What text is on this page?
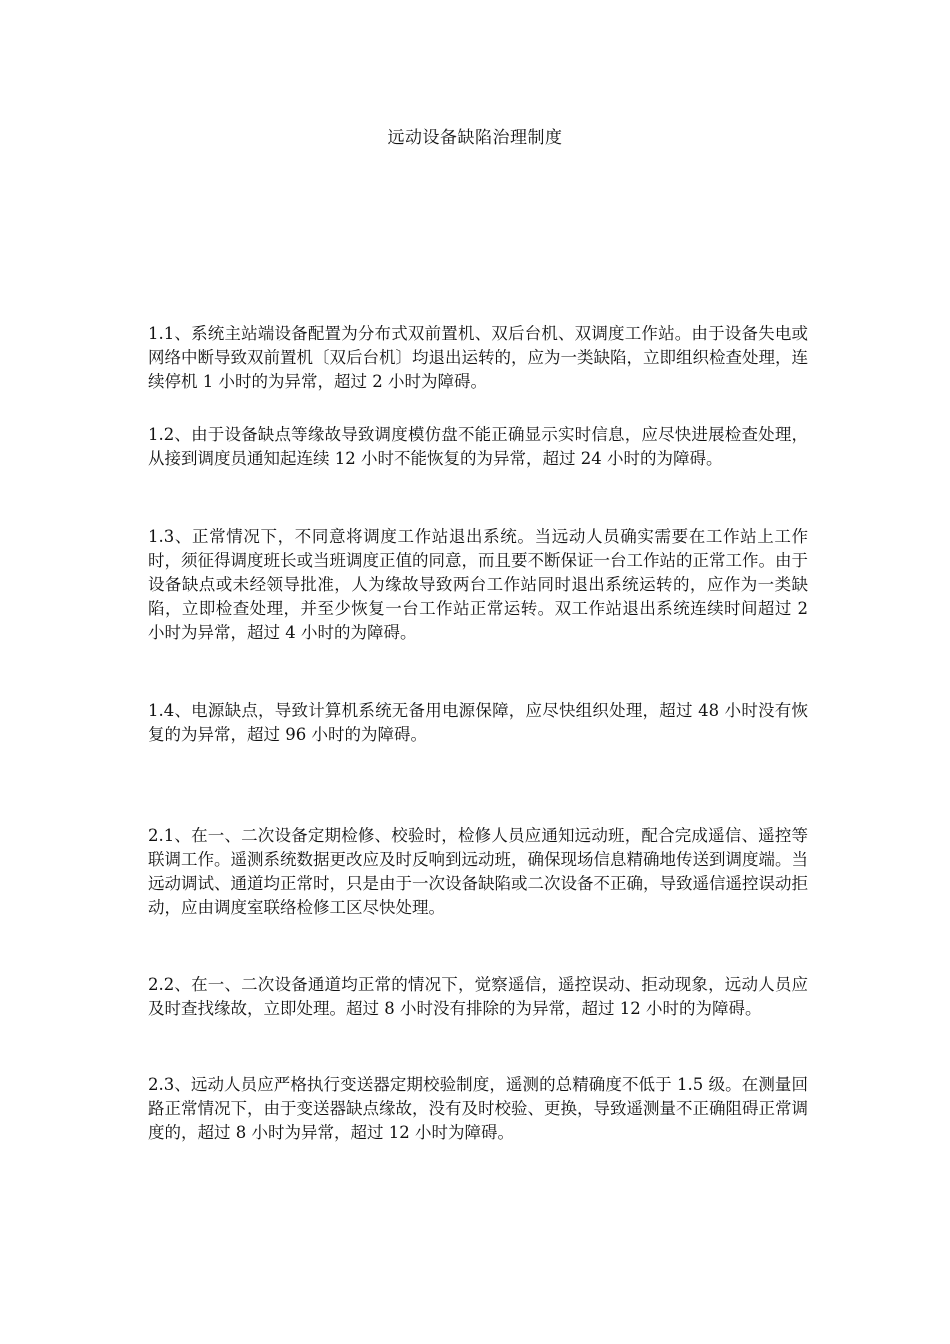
远动设备缺陷治理制度

1.1、系统主站端设备配置为分布式双前置机、双后台机、双调度工作站。由于设备失电或网络中断导致双前置机〔双后台机〕均退出运转的，应为一类缺陷，立即组织检查处理，连续停机 1 小时的为异常，超过 2 小时为障碍。

1.2、由于设备缺点等缘故导致调度模仿盘不能正确显示实时信息，应尽快进展检查处理，从接到调度员通知起连续 12 小时不能恢复的为异常，超过 24 小时的为障碍。

1.3、正常情况下，不同意将调度工作站退出系统。当远动人员确实需要在工作站上工作时，须征得调度班长或当班调度正值的同意，而且要不断保证一台工作站的正常工作。由于设备缺点或未经领导批准，人为缘故导致两台工作站同时退出系统运转的，应作为一类缺陷，立即检查处理，并至少恢复一台工作站正常运转。双工作站退出系统连续时间超过 2 小时为异常，超过 4 小时的为障碍。

1.4、电源缺点，导致计算机系统无备用电源保障，应尽快组织处理，超过 48 小时没有恢复的为异常，超过 96 小时的为障碍。

2.1、在一、二次设备定期检修、校验时，检修人员应通知远动班，配合完成遥信、遥控等联调工作。遥测系统数据更改应及时反响到远动班，确保现场信息精确地传送到调度端。当远动调试、通道均正常时，只是由于一次设备缺陷或二次设备不正确，导致遥信遥控误动拒动，应由调度室联络检修工区尽快处理。

2.2、在一、二次设备通道均正常的情况下，觉察遥信，遥控误动、拒动现象，远动人员应及时查找缘故，立即处理。超过 8 小时没有排除的为异常，超过 12 小时的为障碍。

2.3、远动人员应严格执行变送器定期校验制度，遥测的总精确度不低于 1.5 级。在测量回路正常情况下，由于变送器缺点缘故，没有及时校验、更换，导致遥测量不正确阻碍正常调度的，超过 8 小时为异常，超过 12 小时为障碍。
